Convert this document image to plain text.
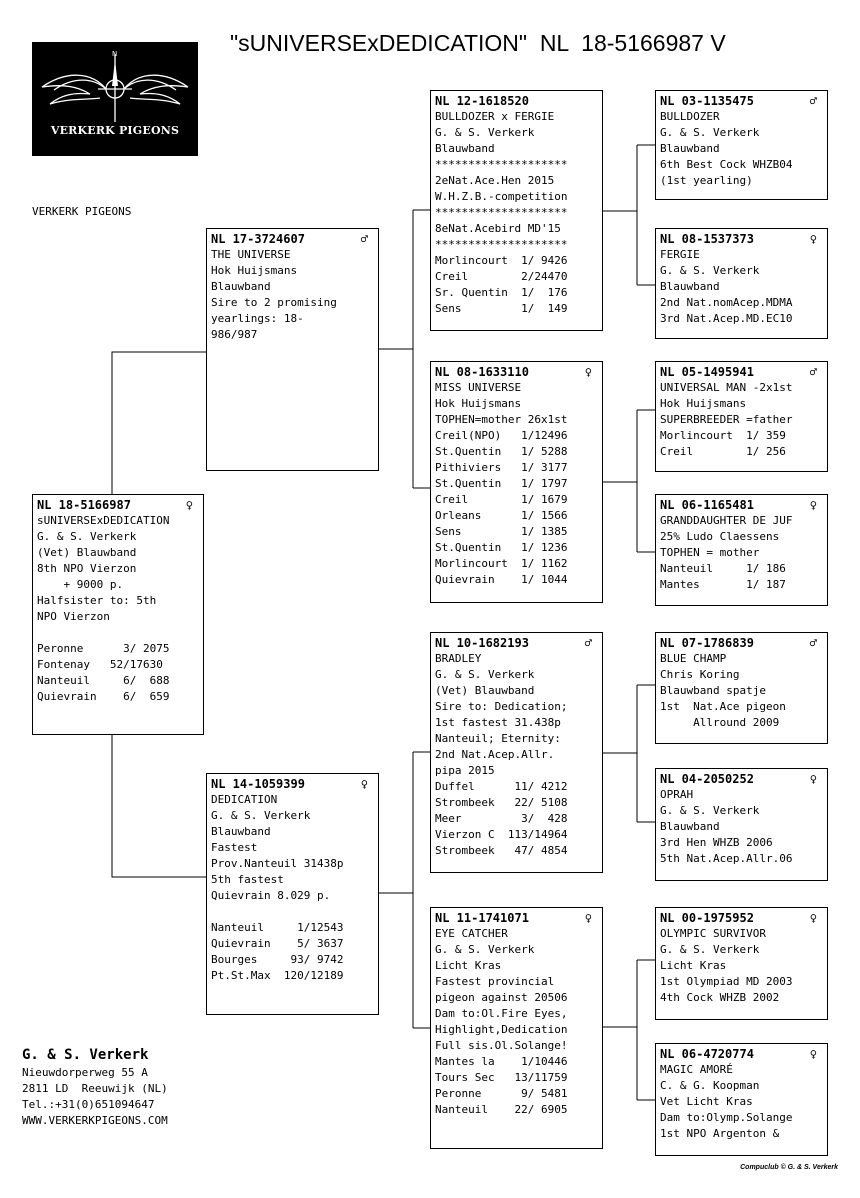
N
VERKERK PIGEONS
"sUNIVERSExDEDICATION"  NL  18-5166987 V
VERKERK PIGEONS
NL 18-5166987	♀
sUNIVERSExDEDICATION
G. & S. Verkerk
(Vet) Blauwband
8th NPO Vierzon
+ 9000 p.
Halfsister to: 5th
NPO Vierzon

Peronne      3/ 2075
Fontenay   52/17630
Nanteuil     6/  688
Quievrain    6/  659
NL 17-3724607	♂
THE UNIVERSE
Hok Huijsmans
Blauwband
Sire to 2 promising
yearlings: 18-
986/987
NL 14-1059399	♀
DEDICATION
G. & S. Verkerk
Blauwband
Fastest
Prov.Nanteuil 31438p
5th fastest
Quievrain 8.029 p.

Nanteuil     1/12543
Quievrain    5/ 3637
Bourges     93/ 9742
Pt.St.Max  120/12189
NL 12-1618520
BULLDOZER x FERGIE
G. & S. Verkerk
Blauwband
********************
2eNat.Ace.Hen 2015
W.H.Z.B.-competition
********************
8eNat.Acebird MD'15
********************
Morlincourt  1/ 9426
Creil        2/24470
Sr. Quentin  1/  176
Sens         1/  149
NL 08-1633110	♀
MISS UNIVERSE
Hok Huijsmans
TOPHEN=mother 26x1st
Creil(NPO)   1/12496
St.Quentin   1/ 5288
Pithiviers   1/ 3177
St.Quentin   1/ 1797
Creil        1/ 1679
Orleans      1/ 1566
Sens         1/ 1385
St.Quentin   1/ 1236
Morlincourt  1/ 1162
Quievrain    1/ 1044
NL 10-1682193	♂
BRADLEY
G. & S. Verkerk
(Vet) Blauwband
Sire to: Dedication;
1st fastest 31.438p
Nanteuil; Eternity:
2nd Nat.Acep.Allr.
pipa 2015
Duffel      11/ 4212
Strombeek   22/ 5108
Meer         3/  428
Vierzon C  113/14964
Strombeek   47/ 4854
NL 11-1741071	♀
EYE CATCHER
G. & S. Verkerk
Licht Kras
Fastest provincial
pigeon against 20506
Dam to:Ol.Fire Eyes,
Highlight,Dedication
Full sis.Ol.Solange!
Mantes la    1/10446
Tours Sec   13/11759
Peronne      9/ 5481
Nanteuil    22/ 6905
NL 03-1135475	♂
BULLDOZER
G. & S. Verkerk
Blauwband
6th Best Cock WHZB04
(1st yearling)
NL 08-1537373	♀
FERGIE
G. & S. Verkerk
Blauwband
2nd Nat.nomAcep.MDMA
3rd Nat.Acep.MD.EC10
NL 05-1495941	♂
UNIVERSAL MAN -2x1st
Hok Huijsmans
SUPERBREEDER =father
Morlincourt  1/ 359
Creil        1/ 256
NL 06-1165481	♀
GRANDDAUGHTER DE JUF
25% Ludo Claessens
TOPHEN = mother
Nanteuil     1/ 186
Mantes       1/ 187
NL 07-1786839	♂
BLUE CHAMP
Chris Koring
Blauwband spatje
1st  Nat.Ace pigeon
Allround 2009
NL 04-2050252	♀
OPRAH
G. & S. Verkerk
Blauwband
3rd Hen WHZB 2006
5th Nat.Acep.Allr.06
NL 00-1975952	♀
OLYMPIC SURVIVOR
G. & S. Verkerk
Licht Kras
1st Olympiad MD 2003
4th Cock WHZB 2002
NL 06-4720774	♀
MAGIC AMORÉ
C. & G. Koopman
Vet Licht Kras
Dam to:Olymp.Solange
1st NPO Argenton &
G. & S. Verkerk
Nieuwdorperweg 55 A
2811 LD  Reeuwijk (NL)
Tel.:+31(0)651094647
WWW.VERKERKPIGEONS.COM
Compuclub © G. & S. Verkerk
